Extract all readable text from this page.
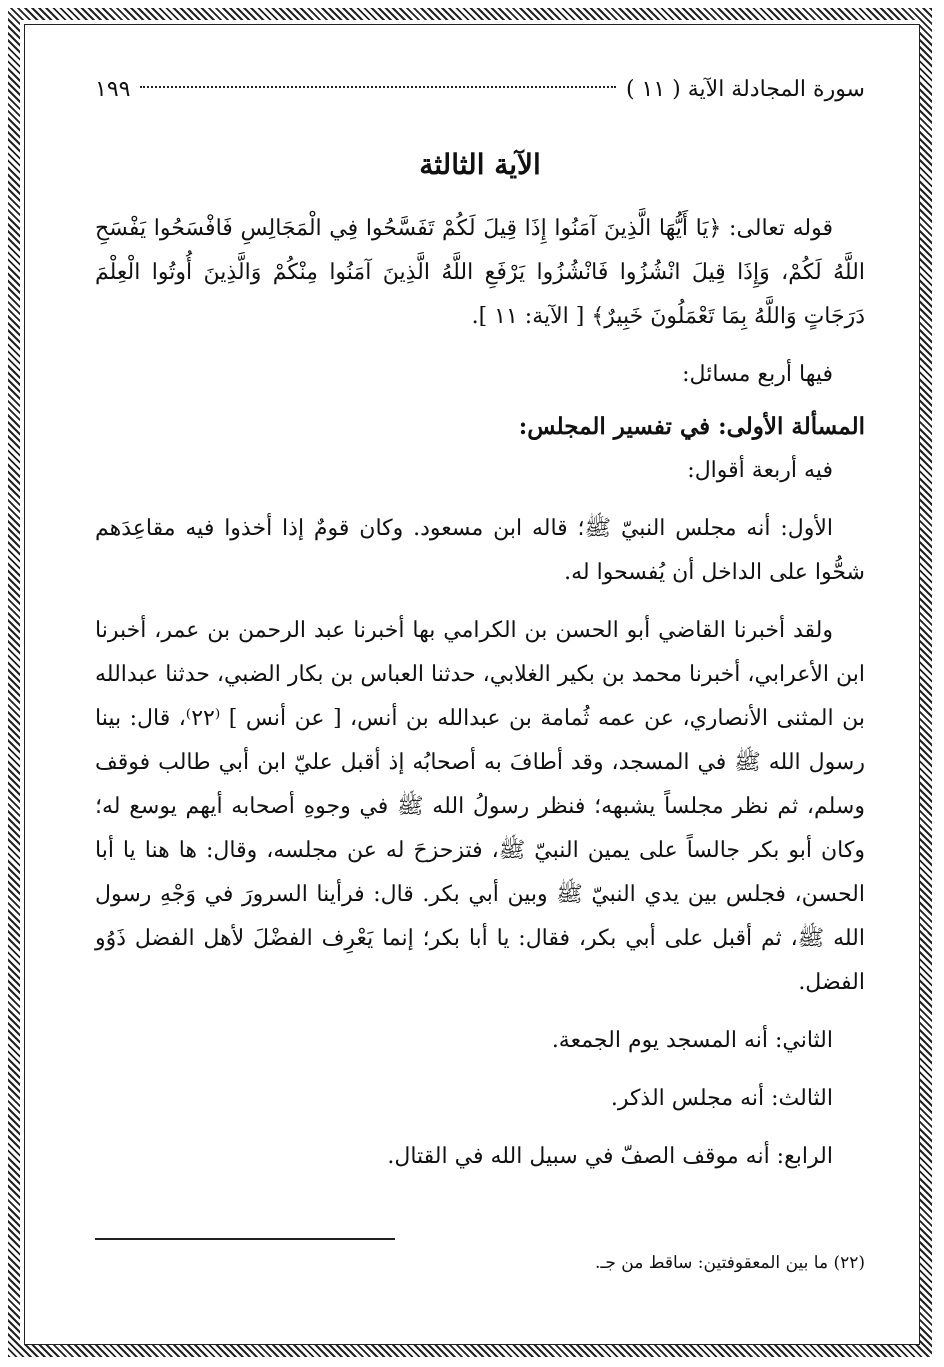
سورة المجادلة الآية ( ١١ )
١٩٩
الآية الثالثة

قوله تعالى: ﴿يَا أَيُّهَا الَّذِينَ آمَنُوا إِذَا قِيلَ لَكُمْ تَفَسَّحُوا فِي الْمَجَالِسِ فَافْسَحُوا يَفْسَحِ اللَّهُ لَكُمْ، وَإِذَا قِيلَ انْشُزُوا فَانْشُزُوا يَرْفَعِ اللَّهُ الَّذِينَ آمَنُوا مِنْكُمْ وَالَّذِينَ أُوتُوا الْعِلْمَ دَرَجَاتٍ وَاللَّهُ بِمَا تَعْمَلُونَ خَبِيرٌ﴾ [ الآية: ١١ ].

فيها أربع مسائل:

المسألة الأولى: في تفسير المجلس:

فيه أربعة أقوال:

الأول: أنه مجلس النبيّ ﷺ؛ قاله ابن مسعود. وكان قومٌ إذا أخذوا فيه مقاعِدَهم شحُّوا على الداخل أن يُفسحوا له.

ولقد أخبرنا القاضي أبو الحسن بن الكرامي بها أخبرنا عبد الرحمن بن عمر، أخبرنا ابن الأعرابي، أخبرنا محمد بن بكير الغلابي، حدثنا العباس بن بكار الضبي، حدثنا عبدالله بن المثنى الأنصاري، عن عمه ثُمامة بن عبدالله بن أنس، [ عن أنس ] ⁽٢٢⁾، قال: بينا رسول الله ﷺ في المسجد، وقد أطافَ به أصحابُه إذ أقبل عليّ ابن أبي طالب فوقف وسلم، ثم نظر مجلساً يشبهه؛ فنظر رسولُ الله ﷺ في وجوهِ أصحابه أيهم يوسع له؛ وكان أبو بكر جالساً على يمين النبيّ ﷺ، فتزحزحَ له عن مجلسه، وقال: ها هنا يا أبا الحسن، فجلس بين يدي النبيّ ﷺ وبين أبي بكر. قال: فرأينا السرورَ في وَجْهِ رسول الله ﷺ، ثم أقبل على أبي بكر، فقال: يا أبا بكر؛ إنما يَعْرِف الفضْلَ لأهل الفضل ذَوُو الفضل.

الثاني: أنه المسجد يوم الجمعة.

الثالث: أنه مجلس الذكر.

الرابع: أنه موقف الصفّ في سبيل الله في القتال.

(٢٢) ما بين المعقوفتين: ساقط من جـ.
